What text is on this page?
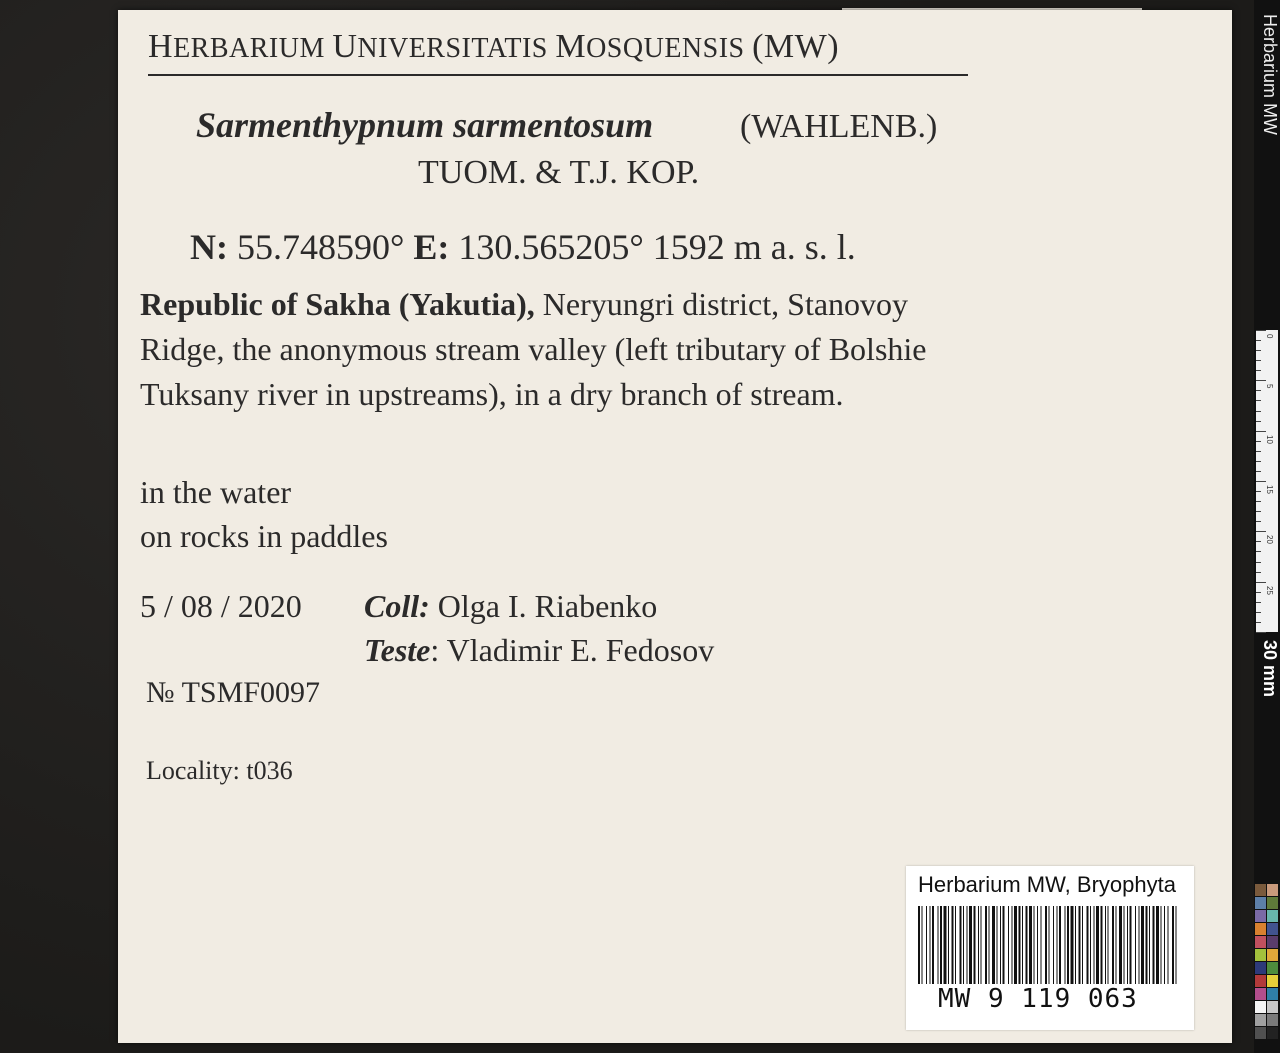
HERBARIUM UNIVERSITATIS MOSQUENSIS (MW)
Sarmenthypnum sarmentosum	(WAHLENB.)
TUOM. & T.J. KOP.
N: 55.748590° E: 130.565205° 1592 m a. s. l.
Republic of Sakha (Yakutia), Neryungri district, Stanovoy Ridge, the anonymous stream valley (left tributary of Bolshie Tuksany river in upstreams), in a dry branch of stream.
in the water
on rocks in paddles
5 / 08 / 2020 Coll: Olga I. Riabenko
Teste: Vladimir E. Fedosov
№ TSMF0097
Locality: t036
Herbarium MW, Bryophyta
MW 9 119 063
Herbarium MW
0
5
10
15
20
25
30 mm
